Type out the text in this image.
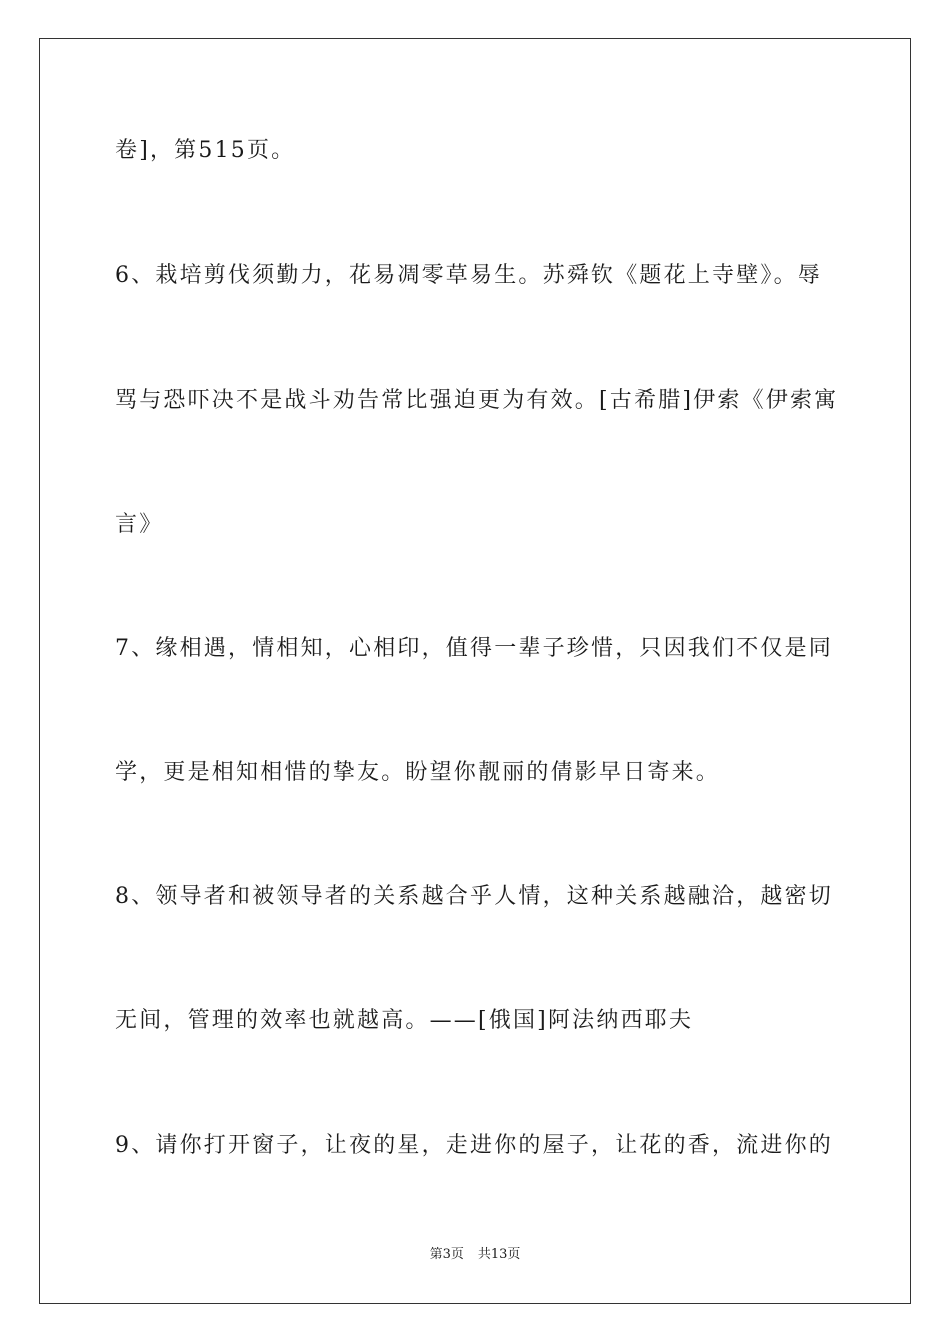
卷]，第515页。
6、栽培剪伐须勤力，花易凋零草易生。苏舜钦《题花上寺壁》。辱
骂与恐吓决不是战斗劝告常比强迫更为有效。[古希腊]伊索《伊索寓
言》
7、缘相遇，情相知，心相印，值得一辈子珍惜，只因我们不仅是同
学，更是相知相惜的挚友。盼望你靓丽的倩影早日寄来。
8、领导者和被领导者的关系越合乎人情，这种关系越融洽，越密切
无间，管理的效率也就越高。——[俄国]阿法纳西耶夫
9、请你打开窗子，让夜的星，走进你的屋子，让花的香，流进你的
第3页 共13页
